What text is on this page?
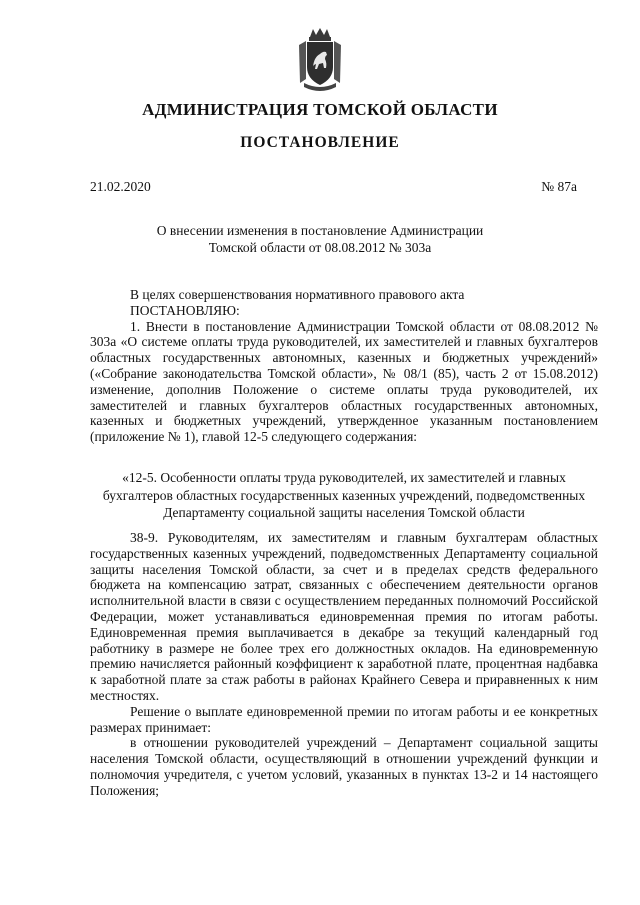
АДМИНИСТРАЦИЯ ТОМСКОЙ ОБЛАСТИ
ПОСТАНОВЛЕНИЕ
21.02.2020	№ 87а
О внесении изменения в постановление Администрации
Томской области от 08.08.2012 № 303а

В целях совершенствования нормативного правового акта

ПОСТАНОВЛЯЮ:

1. Внести в постановление Администрации Томской области от 08.08.2012 № 303а «О системе оплаты труда руководителей, их заместителей и главных бухгалтеров областных государственных автономных, казенных и бюджетных учреждений» («Собрание законодательства Томской области», № 08/1 (85), часть 2 от 15.08.2012) изменение, дополнив Положение о системе оплаты труда руководителей, их заместителей и главных бухгалтеров областных государственных автономных, казенных и бюджетных учреждений, утвержденное указанным постановлением (приложение № 1), главой 12-5 следующего содержания:

«12-5. Особенности оплаты труда руководителей, их заместителей и главных
бухгалтеров областных государственных казенных учреждений, подведомственных
Департаменту социальной защиты населения Томской области

38-9. Руководителям, их заместителям и главным бухгалтерам областных государственных казенных учреждений, подведомственных Департаменту социальной защиты населения Томской области, за счет и в пределах средств федерального бюджета на компенсацию затрат, связанных с обеспечением деятельности органов исполнительной власти в связи с осуществлением переданных полномочий Российской Федерации, может устанавливаться единовременная премия по итогам работы. Единовременная премия выплачивается в декабре за текущий календарный год работнику в размере не более трех его должностных окладов. На единовременную премию начисляется районный коэффициент к заработной плате, процентная надбавка к заработной плате за стаж работы в районах Крайнего Севера и приравненных к ним местностях.

Решение о выплате единовременной премии по итогам работы и ее конкретных размерах принимает:

в отношении руководителей учреждений – Департамент социальной защиты населения Томской области, осуществляющий в отношении учреждений функции и полномочия учредителя, с учетом условий, указанных в пунктах 13-2 и 14 настоящего Положения;
